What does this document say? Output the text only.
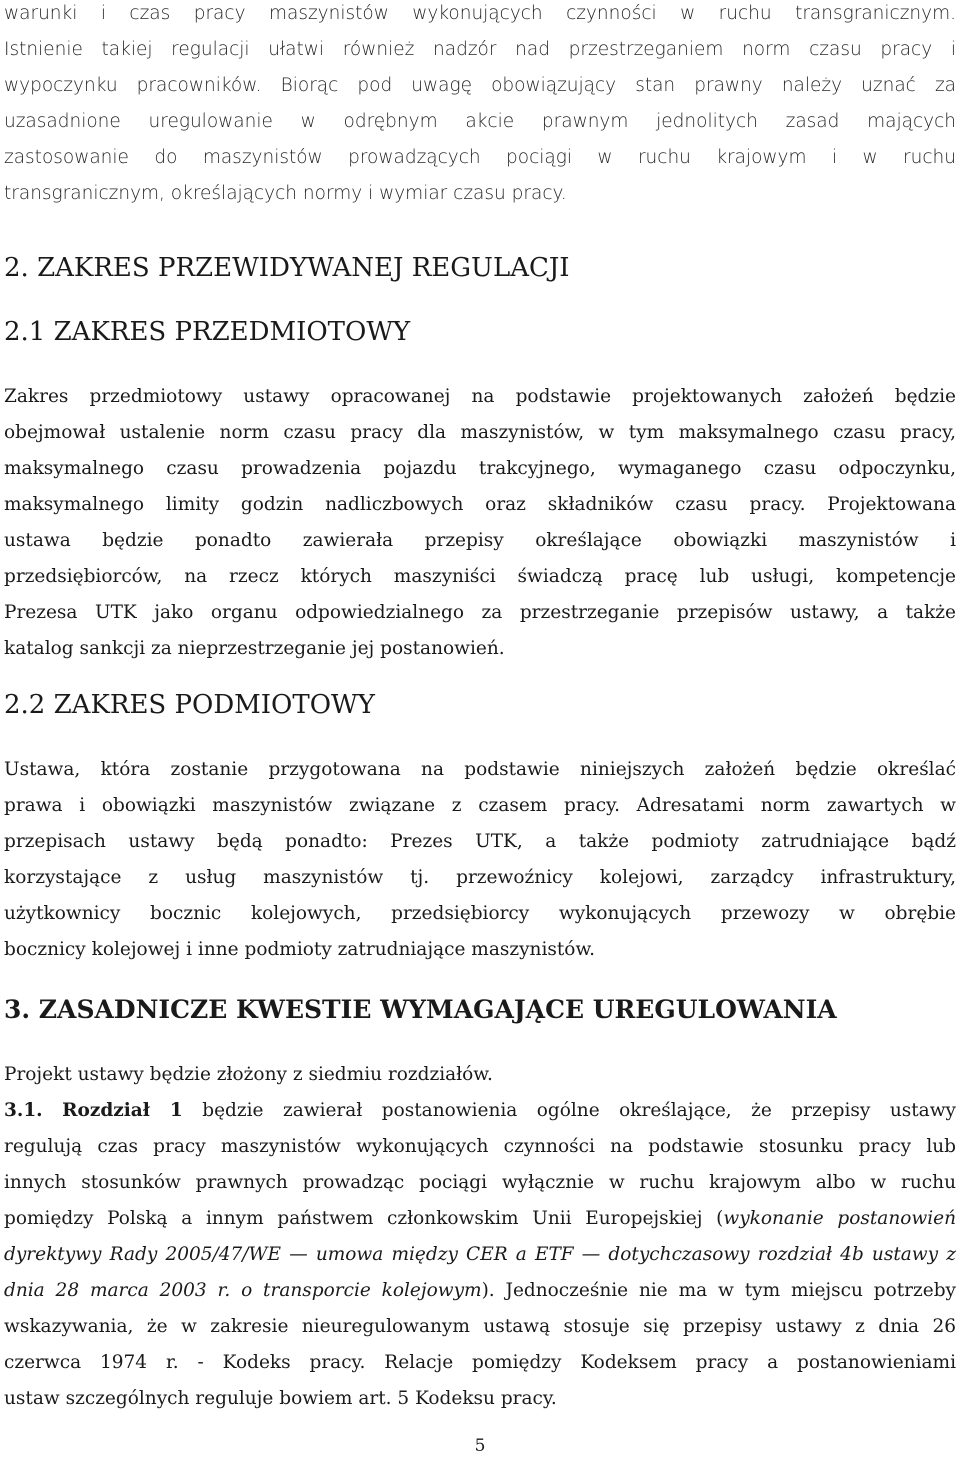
warunki i czas pracy maszynistów wykonujących czynności w ruchu transgranicznym.

Istnienie takiej regulacji ułatwi również nadzór nad przestrzeganiem norm czasu pracy i

wypoczynku pracowników. Biorąc pod uwagę obowiązujący stan prawny należy uznać za

uzasadnione uregulowanie w odrębnym akcie prawnym jednolitych zasad mających

zastosowanie do maszynistów prowadzących pociągi w ruchu krajowym i w ruchu

transgranicznym, określających normy i wymiar czasu pracy.

2. ZAKRES PRZEWIDYWANEJ REGULACJI
2.1 ZAKRES PRZEDMIOTOWY

Zakres przedmiotowy ustawy opracowanej na podstawie projektowanych założeń będzie

obejmował ustalenie norm czasu pracy dla maszynistów, w tym maksymalnego czasu pracy,

maksymalnego czasu prowadzenia pojazdu trakcyjnego, wymaganego czasu odpoczynku,

maksymalnego limity godzin nadliczbowych oraz składników czasu pracy. Projektowana

ustawa będzie ponadto zawierała przepisy określające obowiązki maszynistów i

przedsiębiorców, na rzecz których maszyniści świadczą pracę lub usługi, kompetencje

Prezesa UTK jako organu odpowiedzialnego za przestrzeganie przepisów ustawy, a także

katalog sankcji za nieprzestrzeganie jej postanowień.

2.2 ZAKRES PODMIOTOWY

Ustawa, która zostanie przygotowana na podstawie niniejszych założeń będzie określać

prawa i obowiązki maszynistów związane z czasem pracy. Adresatami norm zawartych w

przepisach ustawy będą ponadto: Prezes UTK, a także podmioty zatrudniające bądź

korzystające z usług maszynistów tj. przewoźnicy kolejowi, zarządcy infrastruktury,

użytkownicy bocznic kolejowych, przedsiębiorcy wykonujących przewozy w obrębie

bocznicy kolejowej i inne podmioty zatrudniające maszynistów.

3. ZASADNICZE KWESTIE WYMAGAJĄCE UREGULOWANIA

Projekt ustawy będzie złożony z siedmiu rozdziałów.

3.1. Rozdział 1 będzie zawierał postanowienia ogólne określające, że przepisy ustawy

regulują czas pracy maszynistów wykonujących czynności na podstawie stosunku pracy lub

innych stosunków prawnych prowadząc pociągi wyłącznie w ruchu krajowym albo w ruchu

pomiędzy Polską a innym państwem członkowskim Unii Europejskiej (wykonanie postanowień

dyrektywy Rady 2005/47/WE — umowa między CER a ETF — dotychczasowy rozdział 4b ustawy z

dnia 28 marca 2003 r. o transporcie kolejowym). Jednocześnie nie ma w tym miejscu potrzeby

wskazywania, że w zakresie nieuregulowanym ustawą stosuje się przepisy ustawy z dnia 26

czerwca 1974 r. - Kodeks pracy. Relacje pomiędzy Kodeksem pracy a postanowieniami

ustaw szczególnych reguluje bowiem art. 5 Kodeksu pracy.

5
